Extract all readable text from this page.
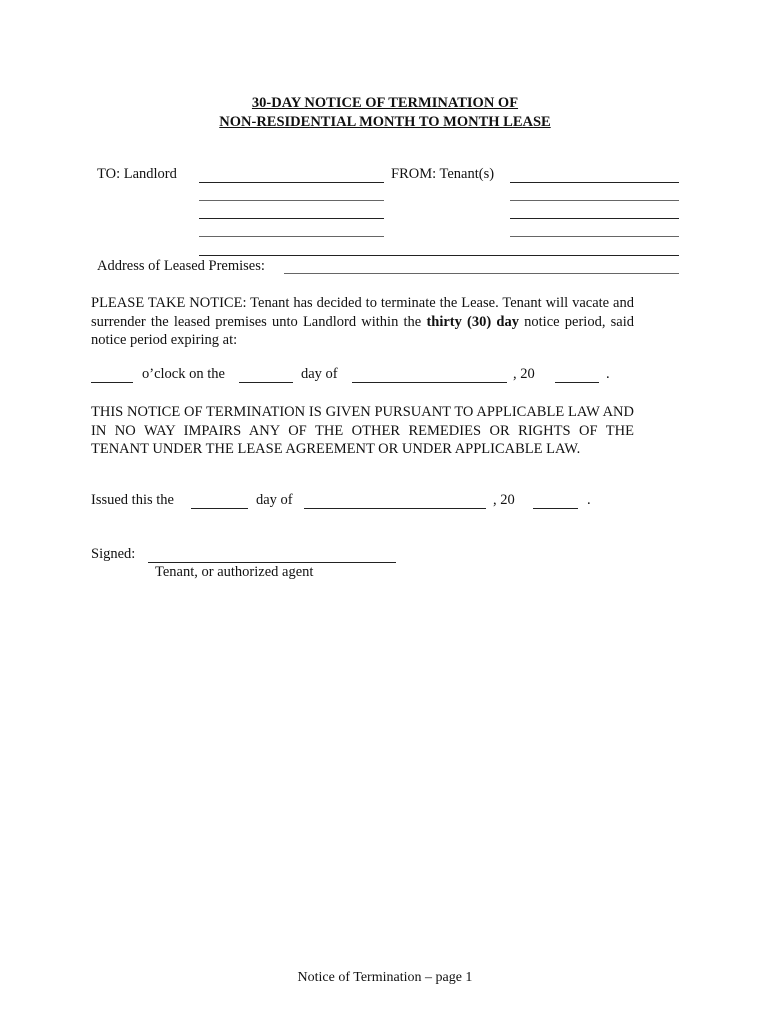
30-DAY NOTICE OF TERMINATION OF
NON-RESIDENTIAL MONTH TO MONTH LEASE
TO: Landlord	FROM: Tenant(s)
Address of Leased Premises:
PLEASE TAKE NOTICE: Tenant has decided to terminate the Lease. Tenant will vacate and surrender the leased premises unto Landlord within the thirty (30) day notice period, said notice period expiring at:
o’clock on the	day of	, 20	.
THIS NOTICE OF TERMINATION IS GIVEN PURSUANT TO APPLICABLE LAW AND IN NO WAY IMPAIRS ANY OF THE OTHER REMEDIES OR RIGHTS OF THE TENANT UNDER THE LEASE AGREEMENT OR UNDER APPLICABLE LAW.
Issued this the	day of	, 20	.
Signed:
Tenant, or authorized agent
Notice of Termination – page 1
